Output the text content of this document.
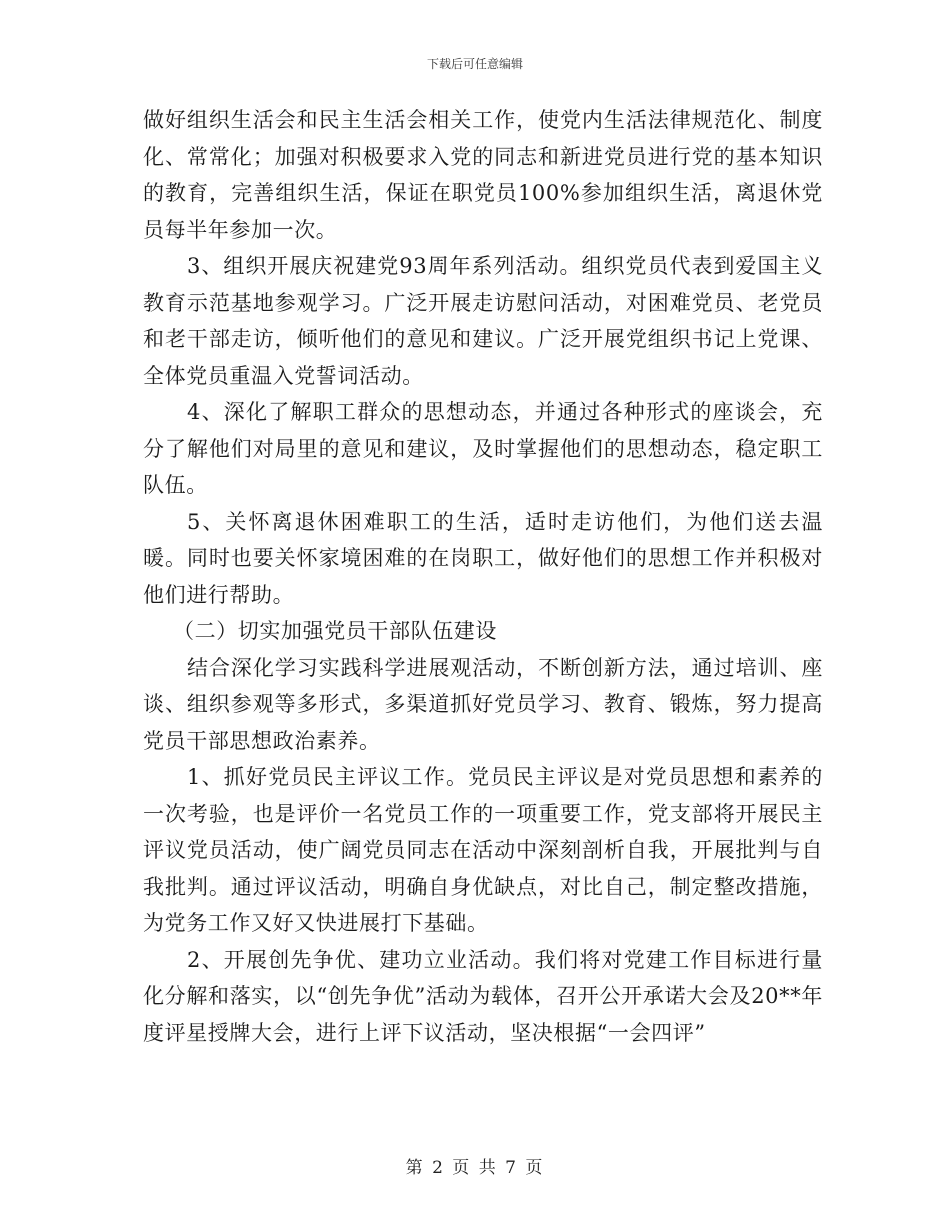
下载后可任意编辑

做好组织生活会和民主生活会相关工作，使党内生活法律规范化、制度化、常常化；加强对积极要求入党的同志和新进党员进行党的基本知识的教育，完善组织生活，保证在职党员100%参加组织生活，离退休党员每半年参加一次。

3、组织开展庆祝建党93周年系列活动。组织党员代表到爱国主义教育示范基地参观学习。广泛开展走访慰问活动，对困难党员、老党员和老干部走访，倾听他们的意见和建议。广泛开展党组织书记上党课、全体党员重温入党誓词活动。

4、深化了解职工群众的思想动态，并通过各种形式的座谈会，充分了解他们对局里的意见和建议，及时掌握他们的思想动态，稳定职工队伍。

5、关怀离退休困难职工的生活，适时走访他们，为他们送去温暖。同时也要关怀家境困难的在岗职工，做好他们的思想工作并积极对他们进行帮助。

（二）切实加强党员干部队伍建设

结合深化学习实践科学进展观活动，不断创新方法，通过培训、座谈、组织参观等多形式，多渠道抓好党员学习、教育、锻炼，努力提高党员干部思想政治素养。

1、抓好党员民主评议工作。党员民主评议是对党员思想和素养的一次考验，也是评价一名党员工作的一项重要工作，党支部将开展民主评议党员活动，使广阔党员同志在活动中深刻剖析自我，开展批判与自我批判。通过评议活动，明确自身优缺点，对比自己，制定整改措施，为党务工作又好又快进展打下基础。

2、开展创先争优、建功立业活动。我们将对党建工作目标进行量化分解和落实，以“创先争优”活动为载体，召开公开承诺大会及20**年度评星授牌大会，进行上评下议活动，坚决根据“一会四评”

第 2 页 共 7 页
